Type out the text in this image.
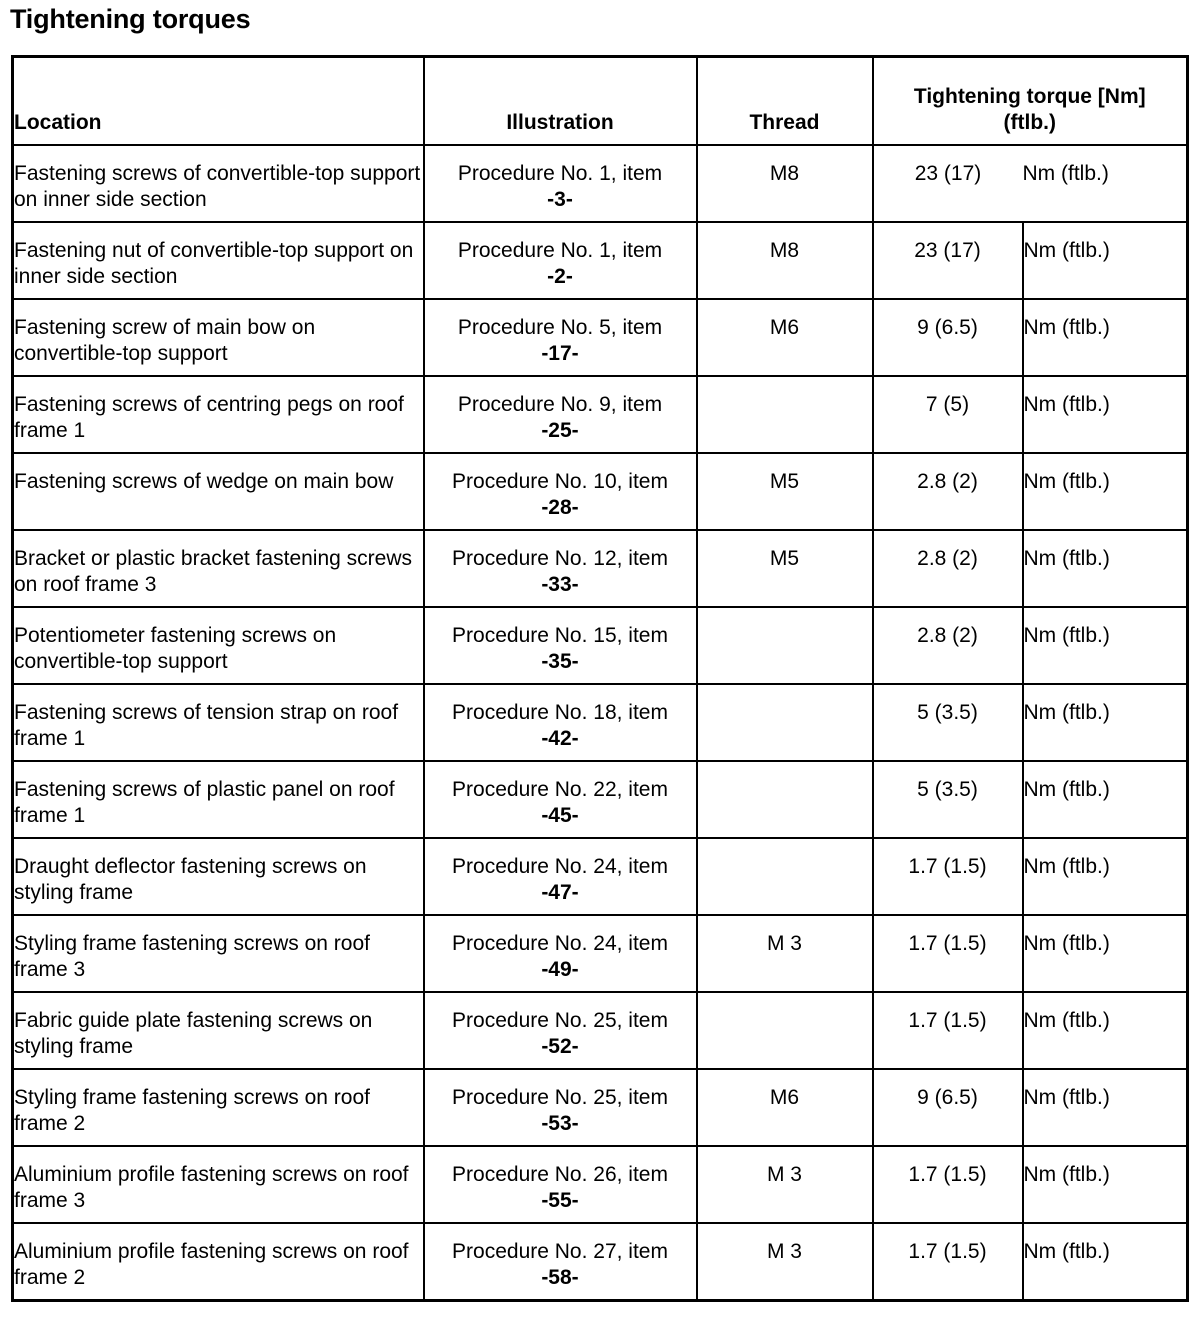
Tightening torques
Location	Illustration	Thread	Tightening torque [Nm]
(ftlb.)	

Fastening screws of convertible-top support on inner side section	Procedure No. 1, item
-3-	M8	23 (17)	Nm (ftlb.)
Fastening nut of convertible-top support on inner side section	Procedure No. 1, item
-2-	M8	23 (17)	Nm (ftlb.)
Fastening screw of main bow on convertible-top support	Procedure No. 5, item
-17-	M6	9 (6.5)	Nm (ftlb.)
Fastening screws of centring pegs on roof frame 1	Procedure No. 9, item
-25-		7 (5)	Nm (ftlb.)
Fastening screws of wedge on main bow	Procedure No. 10, item
-28-	M5	2.8 (2)	Nm (ftlb.)
Bracket or plastic bracket fastening screws on roof frame 3	Procedure No. 12, item
-33-	M5	2.8 (2)	Nm (ftlb.)
Potentiometer fastening screws on convertible-top support	Procedure No. 15, item
-35-		2.8 (2)	Nm (ftlb.)
Fastening screws of tension strap on roof frame 1	Procedure No. 18, item
-42-		5 (3.5)	Nm (ftlb.)
Fastening screws of plastic panel on roof frame 1	Procedure No. 22, item
-45-		5 (3.5)	Nm (ftlb.)
Draught deflector fastening screws on styling frame	Procedure No. 24, item
-47-		1.7 (1.5)	Nm (ftlb.)
Styling frame fastening screws on roof frame 3	Procedure No. 24, item
-49-	M 3	1.7 (1.5)	Nm (ftlb.)
Fabric guide plate fastening screws on styling frame	Procedure No. 25, item
-52-		1.7 (1.5)	Nm (ftlb.)
Styling frame fastening screws on roof frame 2	Procedure No. 25, item
-53-	M6	9 (6.5)	Nm (ftlb.)
Aluminium profile fastening screws on roof frame 3	Procedure No. 26, item
-55-	M 3	1.7 (1.5)	Nm (ftlb.)
Aluminium profile fastening screws on roof frame 2	Procedure No. 27, item
-58-	M 3	1.7 (1.5)	Nm (ftlb.)
